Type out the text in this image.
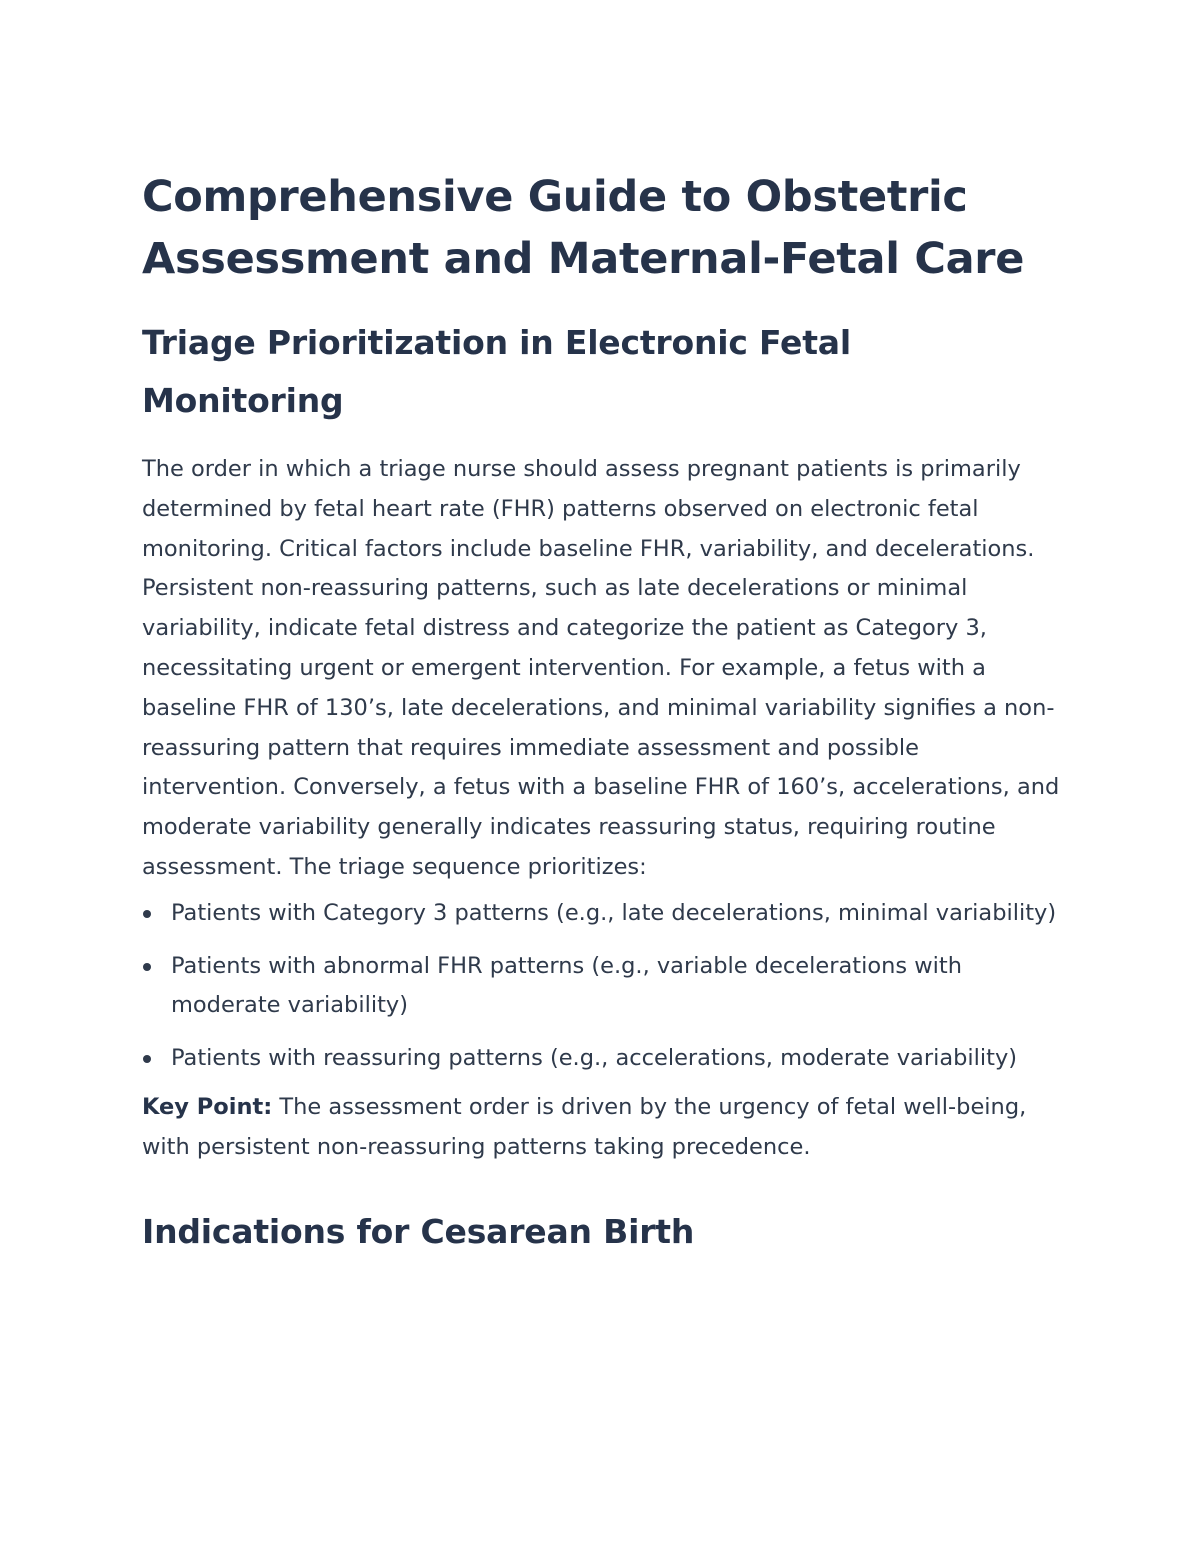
Comprehensive Guide to Obstetric Assessment and Maternal-Fetal Care
Triage Prioritization in Electronic Fetal Monitoring

The order in which a triage nurse should assess pregnant patients is primarily determined by fetal heart rate (FHR) patterns observed on electronic fetal monitoring. Critical factors include baseline FHR, variability, and decelerations. Persistent non-reassuring patterns, such as late decelerations or minimal variability, indicate fetal distress and categorize the patient as Category 3, necessitating urgent or emergent intervention. For example, a fetus with a baseline FHR of 130’s, late decelerations, and minimal variability signifies a non-reassuring pattern that requires immediate assessment and possible intervention. Conversely, a fetus with a baseline FHR of 160’s, accelerations, and moderate variability generally indicates reassuring status, requiring routine assessment. The triage sequence prioritizes:

Patients with Category 3 patterns (e.g., late decelerations, minimal variability)
Patients with abnormal FHR patterns (e.g., variable decelerations with moderate variability)
Patients with reassuring patterns (e.g., accelerations, moderate variability)

Key Point: The assessment order is driven by the urgency of fetal well-being, with persistent non-reassuring patterns taking precedence.

Indications for Cesarean Birth
